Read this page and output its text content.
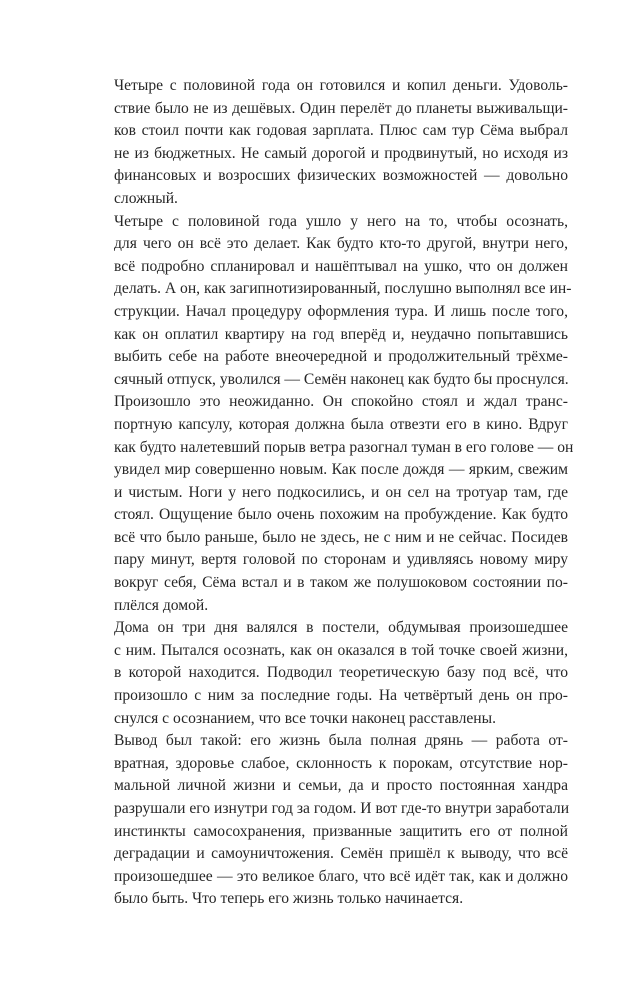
Четыре с половиной года он готовился и копил деньги. Удоволь-
ствие было не из дешёвых. Один перелёт до планеты выживальщи-
ков стоил почти как годовая зарплата. Плюс сам тур Сёма выбрал
не из бюджетных. Не самый дорогой и продвинутый, но исходя из
финансовых и возросших физических возможностей — довольно
сложный.
Четыре с половиной года ушло у него на то, чтобы осознать,
для чего он всё это делает. Как будто кто-то другой, внутри него,
всё подробно спланировал и нашёптывал на ушко, что он должен
делать. А он, как загипнотизированный, послушно выполнял все ин-
струкции. Начал процедуру оформления тура. И лишь после того,
как он оплатил квартиру на год вперёд и, неудачно попытавшись
выбить себе на работе внеочередной и продолжительный трёхме-
сячный отпуск, уволился — Семён наконец как будто бы проснулся.
Произошло это неожиданно. Он спокойно стоял и ждал транс-
портную капсулу, которая должна была отвезти его в кино. Вдруг
как будто налетевший порыв ветра разогнал туман в его голове — он
увидел мир совершенно новым. Как после дождя — ярким, свежим
и чистым. Ноги у него подкосились, и он сел на тротуар там, где
стоял. Ощущение было очень похожим на пробуждение. Как будто
всё что было раньше, было не здесь, не с ним и не сейчас. Посидев
пару минут, вертя головой по сторонам и удивляясь новому миру
вокруг себя, Сёма встал и в таком же полушоковом состоянии по-
плёлся домой.
Дома он три дня валялся в постели, обдумывая произошедшее
с ним. Пытался осознать, как он оказался в той точке своей жизни,
в которой находится. Подводил теоретическую базу под всё, что
произошло с ним за последние годы. На четвёртый день он про-
снулся с осознанием, что все точки наконец расставлены.
Вывод был такой: его жизнь была полная дрянь — работа от-
вратная, здоровье слабое, склонность к порокам, отсутствие нор-
мальной личной жизни и семьи, да и просто постоянная хандра
разрушали его изнутри год за годом. И вот где-то внутри заработали
инстинкты самосохранения, призванные защитить его от полной
деградации и самоуничтожения. Семён пришёл к выводу, что всё
произошедшее — это великое благо, что всё идёт так, как и должно
было быть. Что теперь его жизнь только начинается.
